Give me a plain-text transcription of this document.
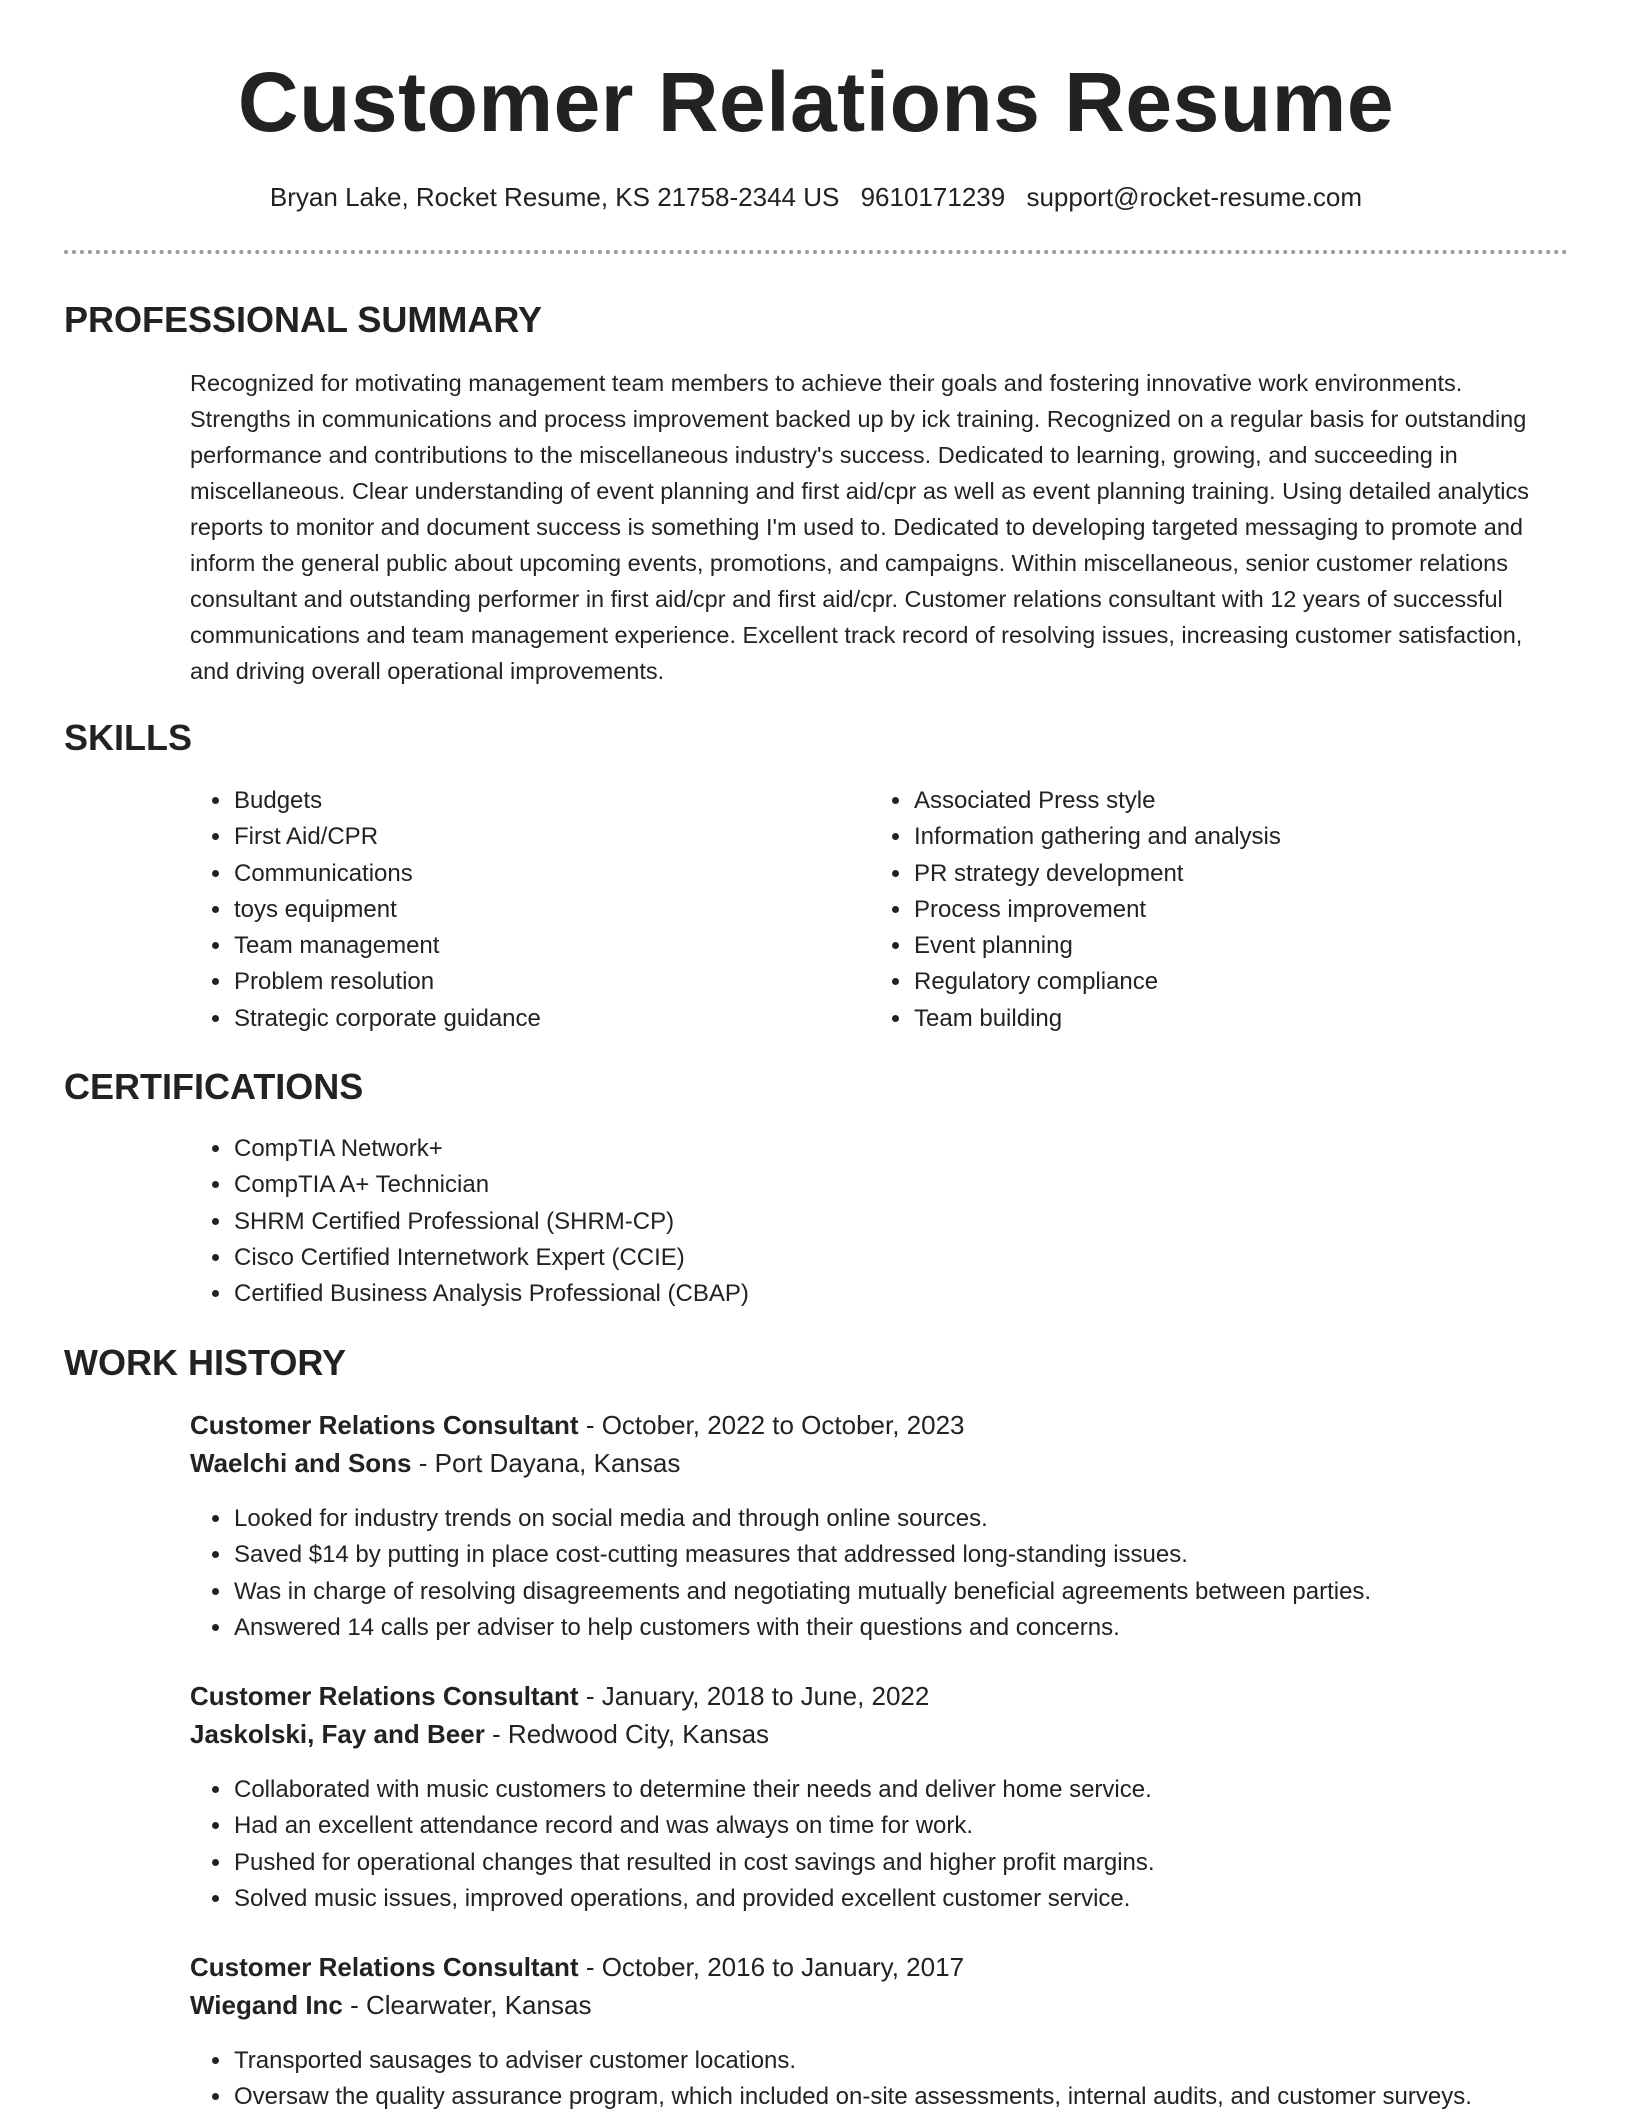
Customer Relations Resume
Bryan Lake, Rocket Resume, KS 21758-2344 US 9610171239 support@rocket-resume.com
PROFESSIONAL SUMMARY

Recognized for motivating management team members to achieve their goals and fostering innovative work environments. Strengths in communications and process improvement backed up by ick training. Recognized on a regular basis for outstanding performance and contributions to the miscellaneous industry's success. Dedicated to learning, growing, and succeeding in miscellaneous. Clear understanding of event planning and first aid/cpr as well as event planning training. Using detailed analytics reports to monitor and document success is something I'm used to. Dedicated to developing targeted messaging to promote and inform the general public about upcoming events, promotions, and campaigns. Within miscellaneous, senior customer relations consultant and outstanding performer in first aid/cpr and first aid/cpr. Customer relations consultant with 12 years of successful communications and team management experience. Excellent track record of resolving issues, increasing customer satisfaction, and driving overall operational improvements.

SKILLS
• Budgets
• First Aid/CPR
• Communications
• toys equipment
• Team management
• Problem resolution
• Strategic corporate guidance
• Associated Press style
• Information gathering and analysis
• PR strategy development
• Process improvement
• Event planning
• Regulatory compliance
• Team building
CERTIFICATIONS
• CompTIA Network+
• CompTIA A+ Technician
• SHRM Certified Professional (SHRM-CP)
• Cisco Certified Internetwork Expert (CCIE)
• Certified Business Analysis Professional (CBAP)
WORK HISTORY
Customer Relations Consultant - October, 2022 to October, 2023
Waelchi and Sons - Port Dayana, Kansas
• Looked for industry trends on social media and through online sources.
• Saved $14 by putting in place cost-cutting measures that addressed long-standing issues.
• Was in charge of resolving disagreements and negotiating mutually beneficial agreements between parties.
• Answered 14 calls per adviser to help customers with their questions and concerns.
Customer Relations Consultant - January, 2018 to June, 2022
Jaskolski, Fay and Beer - Redwood City, Kansas
• Collaborated with music customers to determine their needs and deliver home service.
• Had an excellent attendance record and was always on time for work.
• Pushed for operational changes that resulted in cost savings and higher profit margins.
• Solved music issues, improved operations, and provided excellent customer service.
Customer Relations Consultant - October, 2016 to January, 2017
Wiegand Inc - Clearwater, Kansas
• Transported sausages to adviser customer locations.
• Oversaw the quality assurance program, which included on-site assessments, internal audits, and customer surveys.
